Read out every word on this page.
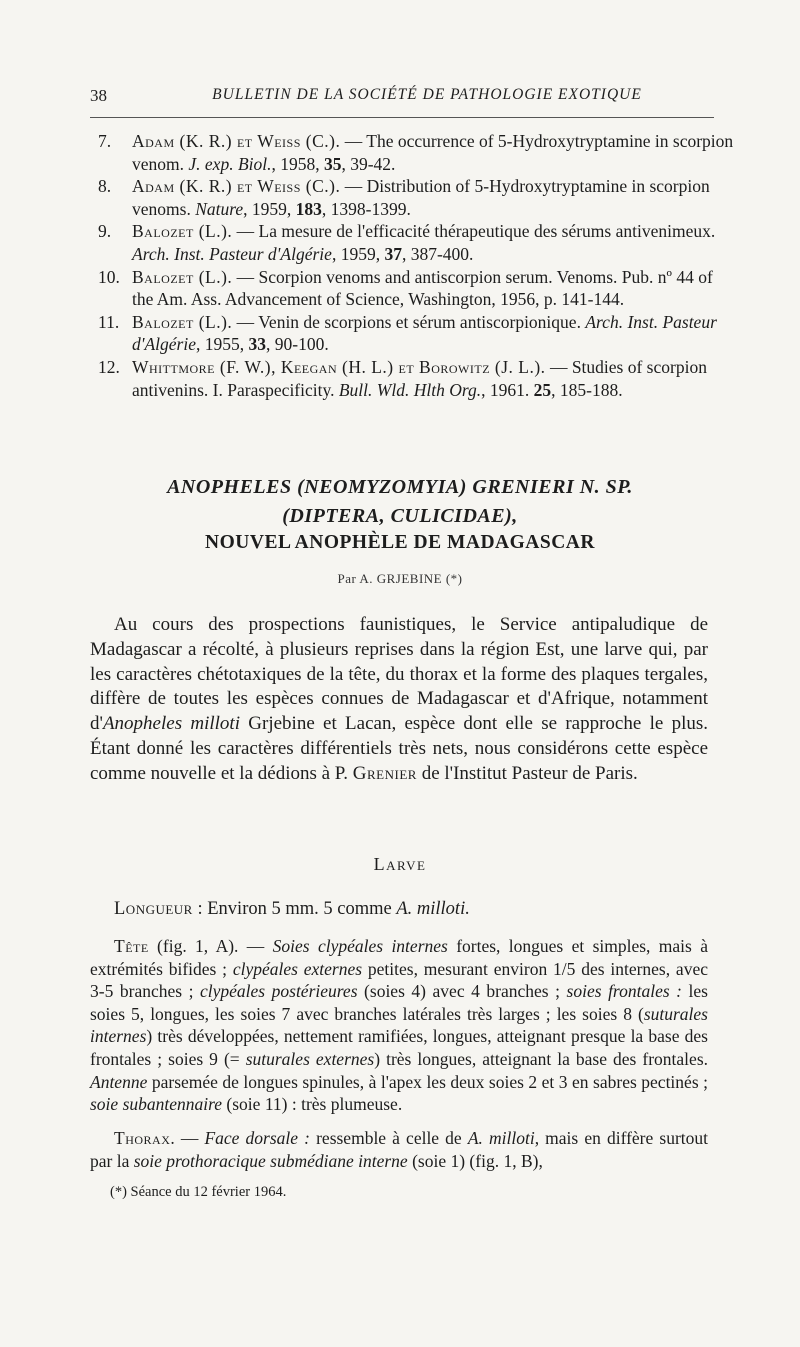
38	BULLETIN DE LA SOCIÉTÉ DE PATHOLOGIE EXOTIQUE
7.	Adam (K. R.) et Weiss (C.). — The occurrence of 5-Hydroxytryptamine in scorpion venom. J. exp. Biol., 1958, 35, 39-42.
8.	Adam (K. R.) et Weiss (C.). — Distribution of 5-Hydroxytryptamine in scorpion venoms. Nature, 1959, 183, 1398-1399.
9.	Balozet (L.). — La mesure de l'efficacité thérapeutique des sérums antivenimeux. Arch. Inst. Pasteur d'Algérie, 1959, 37, 387-400.
10. Balozet (L.). — Scorpion venoms and antiscorpion serum. Venoms. Pub. nº 44 of the Am. Ass. Advancement of Science, Washington, 1956, p. 141-144.
11. Balozet (L.). — Venin de scorpions et sérum antiscorpionique. Arch. Inst. Pasteur d'Algérie, 1955, 33, 90-100.
12. Whittmore (F. W.), Keegan (H. L.) et Borowitz (J. L.). — Studies of scorpion antivenins. I. Paraspecificity. Bull. Wld. Hlth Org., 1961. 25, 185-188.
ANOPHELES (NEOMYZOMYIA) GRENIERI N. SP.
(DIPTERA, CULICIDAE),
NOUVEL ANOPHÈLE DE MADAGASCAR
Par A. GRJEBINE (*)
Au cours des prospections faunistiques, le Service antipaludique de Madagascar a récolté, à plusieurs reprises dans la région Est, une larve qui, par les caractères chétotaxiques de la tête, du thorax et la forme des plaques tergales, diffère de toutes les espèces connues de Madagascar et d'Afrique, notamment d'Anopheles milloti Grjebine et Lacan, espèce dont elle se rapproche le plus. Étant donné les caractères différentiels très nets, nous considérons cette espèce comme nouvelle et la dédions à P. Grenier de l'Institut Pasteur de Paris.
Larve
Longueur : Environ 5 mm. 5 comme A. milloti.
Tête (fig. 1, A). — Soies clypéales internes fortes, longues et simples, mais à extrémités bifides ; clypéales externes petites, mesurant environ 1/5 des internes, avec 3-5 branches ; clypéales postérieures (soies 4) avec 4 branches ; soies frontales : les soies 5, longues, les soies 7 avec branches latérales très larges ; les soies 8 (suturales internes) très développées, nettement ramifiées, longues, atteignant presque la base des frontales ; soies 9 (= suturales externes) très longues, atteignant la base des frontales. Antenne parsemée de longues spinules, à l'apex les deux soies 2 et 3 en sabres pectinés ; soie subantennaire (soie 11) : très plumeuse.
Thorax. — Face dorsale : ressemble à celle de A. milloti, mais en diffère surtout par la soie prothoracique submédiane interne (soie 1) (fig. 1, B),
(*) Séance du 12 février 1964.
